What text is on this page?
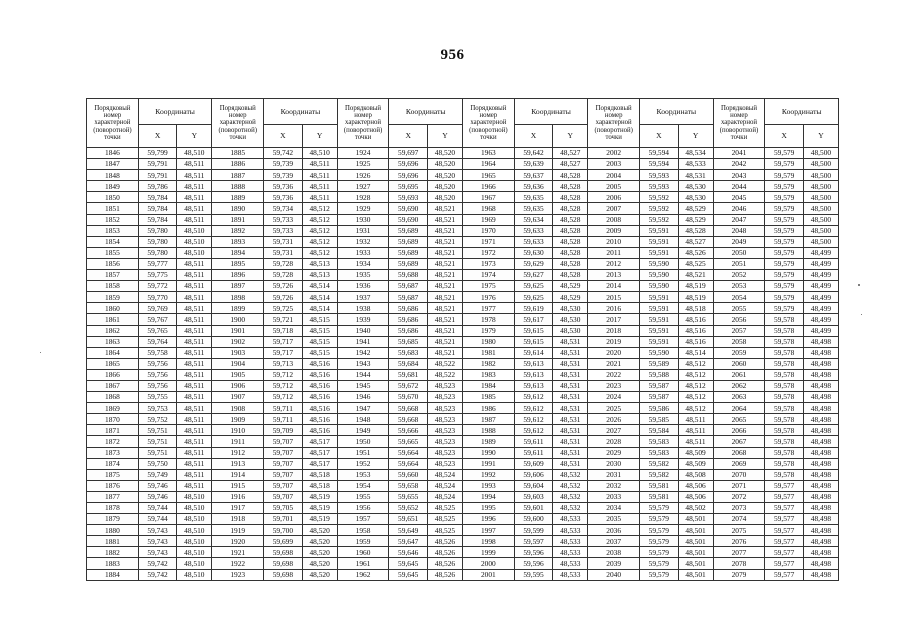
956
Порядковый номер характерной (поворотной) точки	Координаты		Порядковый номер характерной (поворотной) точки	Координаты		Порядковый номер характерной (поворотной) точки	Координаты		Порядковый номер характерной (поворотной) точки	Координаты		Порядковый номер характерной (поворотной) точки	Координаты		Порядковый номер характерной (поворотной) точки	Координаты	
	X	Y		X	Y		X	Y		X	Y		X	Y		X	Y
1846	59,799	48,510	1885	59,742	48,510	1924	59,697	48,520	1963	59,642	48,527	2002	59,594	48,534	2041	59,579	48,500
1847	59,791	48,511	1886	59,739	48,511	1925	59,696	48,520	1964	59,639	48,527	2003	59,594	48,533	2042	59,579	48,500
1848	59,791	48,511	1887	59,739	48,511	1926	59,696	48,520	1965	59,637	48,528	2004	59,593	48,531	2043	59,579	48,500
1849	59,786	48,511	1888	59,736	48,511	1927	59,695	48,520	1966	59,636	48,528	2005	59,593	48,530	2044	59,579	48,500
1850	59,784	48,511	1889	59,736	48,511	1928	59,693	48,520	1967	59,635	48,528	2006	59,592	48,530	2045	59,579	48,500
1851	59,784	48,511	1890	59,734	48,512	1929	59,690	48,521	1968	59,635	48,528	2007	59,592	48,529	2046	59,579	48,500
1852	59,784	48,511	1891	59,733	48,512	1930	59,690	48,521	1969	59,634	48,528	2008	59,592	48,529	2047	59,579	48,500
1853	59,780	48,510	1892	59,733	48,512	1931	59,689	48,521	1970	59,633	48,528	2009	59,591	48,528	2048	59,579	48,500
1854	59,780	48,510	1893	59,731	48,512	1932	59,689	48,521	1971	59,633	48,528	2010	59,591	48,527	2049	59,579	48,500
1855	59,780	48,510	1894	59,731	48,512	1933	59,689	48,521	1972	59,630	48,528	2011	59,591	48,526	2050	59,579	48,499
1856	59,777	48,511	1895	59,728	48,513	1934	59,689	48,521	1973	59,629	48,528	2012	59,590	48,525	2051	59,579	48,499
1857	59,775	48,511	1896	59,728	48,513	1935	59,688	48,521	1974	59,627	48,528	2013	59,590	48,521	2052	59,579	48,499
1858	59,772	48,511	1897	59,726	48,514	1936	59,687	48,521	1975	59,625	48,529	2014	59,590	48,519	2053	59,579	48,499
1859	59,770	48,511	1898	59,726	48,514	1937	59,687	48,521	1976	59,625	48,529	2015	59,591	48,519	2054	59,579	48,499
1860	59,769	48,511	1899	59,725	48,514	1938	59,686	48,521	1977	59,619	48,530	2016	59,591	48,518	2055	59,579	48,499
1861	59,767	48,511	1900	59,721	48,515	1939	59,686	48,521	1978	59,617	48,530	2017	59,591	48,516	2056	59,578	48,499
1862	59,765	48,511	1901	59,718	48,515	1940	59,686	48,521	1979	59,615	48,530	2018	59,591	48,516	2057	59,578	48,499
1863	59,764	48,511	1902	59,717	48,515	1941	59,685	48,521	1980	59,615	48,531	2019	59,591	48,516	2058	59,578	48,498
1864	59,758	48,511	1903	59,717	48,515	1942	59,683	48,521	1981	59,614	48,531	2020	59,590	48,514	2059	59,578	48,498
1865	59,756	48,511	1904	59,713	48,516	1943	59,684	48,522	1982	59,613	48,531	2021	59,589	48,512	2060	59,578	48,498
1866	59,756	48,511	1905	59,712	48,516	1944	59,681	48,522	1983	59,613	48,531	2022	59,588	48,512	2061	59,578	48,498
1867	59,756	48,511	1906	59,712	48,516	1945	59,672	48,523	1984	59,613	48,531	2023	59,587	48,512	2062	59,578	48,498
1868	59,755	48,511	1907	59,712	48,516	1946	59,670	48,523	1985	59,612	48,531	2024	59,587	48,512	2063	59,578	48,498
1869	59,753	48,511	1908	59,711	48,516	1947	59,668	48,523	1986	59,612	48,531	2025	59,586	48,512	2064	59,578	48,498
1870	59,752	48,511	1909	59,711	48,516	1948	59,668	48,523	1987	59,612	48,531	2026	59,585	48,511	2065	59,578	48,498
1871	59,751	48,511	1910	59,709	48,516	1949	59,666	48,523	1988	59,612	48,531	2027	59,584	48,511	2066	59,578	48,498
1872	59,751	48,511	1911	59,707	48,517	1950	59,665	48,523	1989	59,611	48,531	2028	59,583	48,511	2067	59,578	48,498
1873	59,751	48,511	1912	59,707	48,517	1951	59,664	48,523	1990	59,611	48,531	2029	59,583	48,509	2068	59,578	48,498
1874	59,750	48,511	1913	59,707	48,517	1952	59,664	48,523	1991	59,609	48,531	2030	59,582	48,509	2069	59,578	48,498
1875	59,749	48,511	1914	59,707	48,518	1953	59,660	48,524	1992	59,606	48,532	2031	59,582	48,508	2070	59,578	48,498
1876	59,746	48,511	1915	59,707	48,518	1954	59,658	48,524	1993	59,604	48,532	2032	59,581	48,506	2071	59,577	48,498
1877	59,746	48,510	1916	59,707	48,519	1955	59,655	48,524	1994	59,603	48,532	2033	59,581	48,506	2072	59,577	48,498
1878	59,744	48,510	1917	59,705	48,519	1956	59,652	48,525	1995	59,601	48,532	2034	59,579	48,502	2073	59,577	48,498
1879	59,744	48,510	1918	59,701	48,519	1957	59,651	48,525	1996	59,600	48,533	2035	59,579	48,501	2074	59,577	48,498
1880	59,743	48,510	1919	59,700	48,520	1958	59,649	48,525	1997	59,599	48,533	2036	59,579	48,501	2075	59,577	48,498
1881	59,743	48,510	1920	59,699	48,520	1959	59,647	48,526	1998	59,597	48,533	2037	59,579	48,501	2076	59,577	48,498
1882	59,743	48,510	1921	59,698	48,520	1960	59,646	48,526	1999	59,596	48,533	2038	59,579	48,501	2077	59,577	48,498
1883	59,742	48,510	1922	59,698	48,520	1961	59,645	48,526	2000	59,596	48,533	2039	59,579	48,501	2078	59,577	48,498
1884	59,742	48,510	1923	59,698	48,520	1962	59,645	48,526	2001	59,595	48,533	2040	59,579	48,501	2079	59,577	48,498
